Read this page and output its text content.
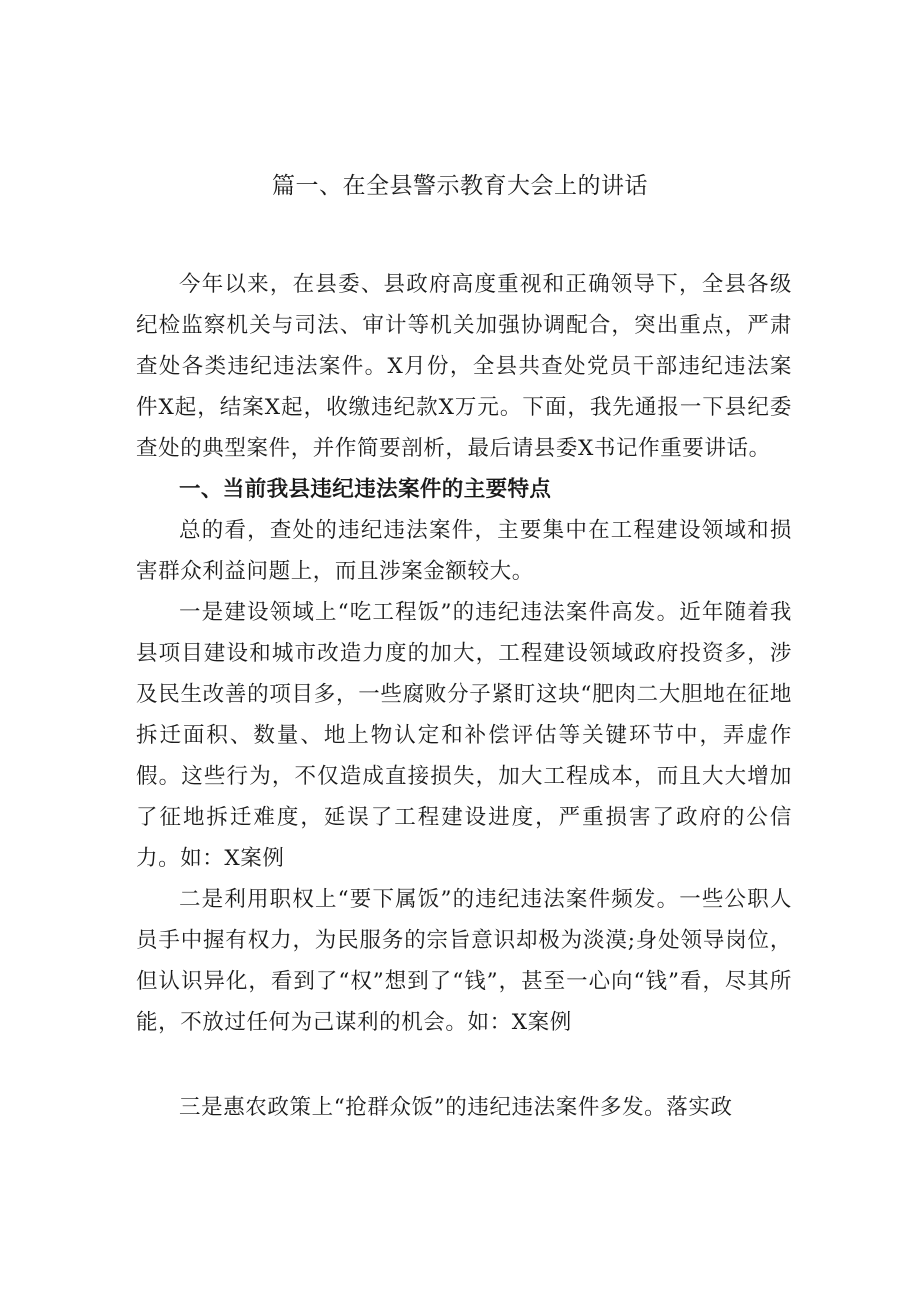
篇一、在全县警示教育大会上的讲话

今年以来，在县委、县政府高度重视和正确领导下，全县各级纪检监察机关与司法、审计等机关加强协调配合，突出重点，严肃查处各类违纪违法案件。X月份，全县共查处党员干部违纪违法案件X起，结案X起，收缴违纪款X万元。下面，我先通报一下县纪委查处的典型案件，并作简要剖析，最后请县委X书记作重要讲话。

一、当前我县违纪违法案件的主要特点

总的看，查处的违纪违法案件，主要集中在工程建设领域和损害群众利益问题上，而且涉案金额较大。

一是建设领域上“吃工程饭”的违纪违法案件高发。近年随着我县项目建设和城市改造力度的加大，工程建设领域政府投资多，涉及民生改善的项目多，一些腐败分子紧盯这块“肥肉二大胆地在征地拆迁面积、数量、地上物认定和补偿评估等关键环节中，弄虚作假。这些行为，不仅造成直接损失，加大工程成本，而且大大增加了征地拆迁难度，延误了工程建设进度，严重损害了政府的公信力。如：X案例

二是利用职权上“要下属饭”的违纪违法案件频发。一些公职人员手中握有权力，为民服务的宗旨意识却极为淡漠;身处领导岗位，但认识异化，看到了“权”想到了“钱”，甚至一心向“钱”看，尽其所能，不放过任何为己谋利的机会。如：X案例

三是惠农政策上“抢群众饭”的违纪违法案件多发。落实政
